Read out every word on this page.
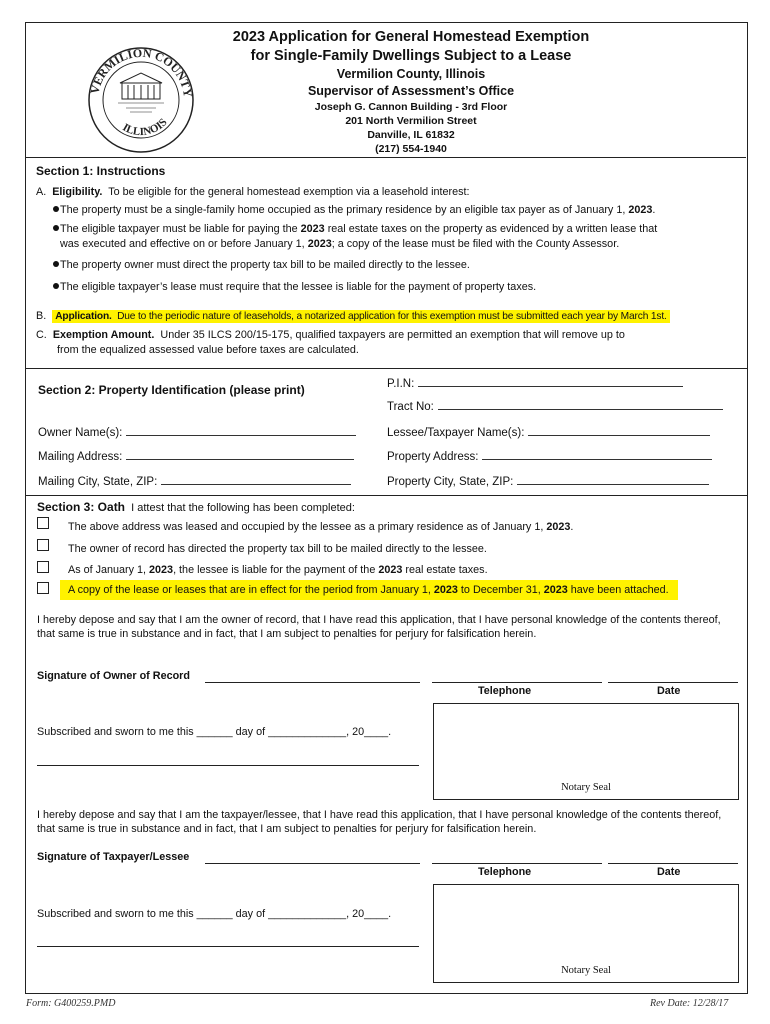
VERMILION COUNTY
ILLINOIS
2023 Application for General Homestead Exemption
for Single-Family Dwellings Subject to a Lease
Vermilion County, Illinois
Supervisor of Assessment’s Office
Joseph G. Cannon Building - 3rd Floor
201 North Vermilion Street
Danville, IL 61832
(217) 554-1940
Section 1: Instructions
A. Eligibility. To be eligible for the general homestead exemption via a leasehold interest:
The property must be a single-family home occupied as the primary residence by an eligible tax payer as of January 1, 2023.
The eligible taxpayer must be liable for paying the 2023 real estate taxes on the property as evidenced by a written lease that
was executed and effective on or before January 1, 2023; a copy of the lease must be filed with the County Assessor.
The property owner must direct the property tax bill to be mailed directly to the lessee.
The eligible taxpayer’s lease must require that the lessee is liable for the payment of property taxes.
B. Application. Due to the periodic nature of leaseholds, a notarized application for this exemption must be submitted each year by March 1st.
C. Exemption Amount. Under 35 ILCS 200/15-175, qualified taxpayers are permitted an exemption that will remove up to
from the equalized assessed value before taxes are calculated.
Section 2: Property Identification (please print)	P.I.N:
Tract No:
Owner Name(s):	Lessee/Taxpayer Name(s):
Mailing Address:	Property Address:
Mailing City, State, ZIP:	Property City, State, ZIP:
Section 3: Oath I attest that the following has been completed:
The above address was leased and occupied by the lessee as a primary residence as of January 1, 2023.
The owner of record has directed the property tax bill to be mailed directly to the lessee.
As of January 1, 2023, the lessee is liable for the payment of the 2023 real estate taxes.
A copy of the lease or leases that are in effect for the period from January 1, 2023 to December 31, 2023 have been attached.
I hereby depose and say that I am the owner of record, that I have read this application, that I have personal knowledge of the contents thereof, that same is true in substance and in fact, that I am subject to penalties for perjury for falsification herein.
Signature of Owner of Record
Telephone	Date
Subscribed and sworn to me this ______ day of _____________, 20____.
Notary Seal
I hereby depose and say that I am the taxpayer/lessee, that I have read this application, that I have personal knowledge of the contents thereof, that same is true in substance and in fact, that I am subject to penalties for perjury for falsification herein.
Signature of Taxpayer/Lessee
Telephone	Date
Subscribed and sworn to me this ______ day of _____________, 20____.
Notary Seal
Form: G400259.PMD	Rev Date: 12/28/17
